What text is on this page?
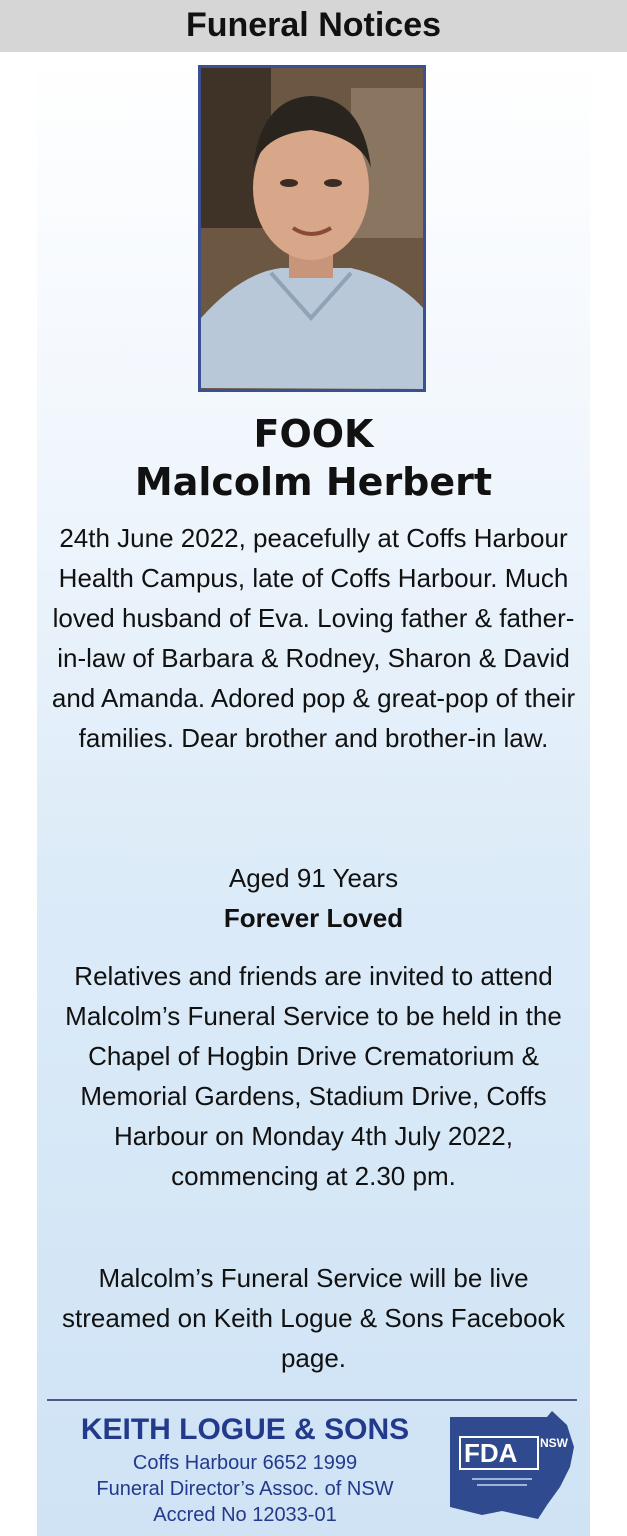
Funeral Notices
FOOK
Malcolm Herbert
24th June 2022, peacefully at Coffs Harbour Health Campus, late of Coffs Harbour. Much loved husband of Eva. Loving father & father-in-law of Barbara & Rodney, Sharon & David and Amanda. Adored pop & great-pop of their families. Dear brother and brother-in law.
Aged 91 Years
Forever Loved
Relatives and friends are invited to attend Malcolm’s Funeral Service to be held in the Chapel of Hogbin Drive Crematorium & Memorial Gardens, Stadium Drive, Coffs Harbour on Monday 4th July 2022, commencing at 2.30 pm.
Malcolm’s Funeral Service will be live streamed on Keith Logue & Sons Facebook page.
KEITH LOGUE & SONS
Coffs Harbour 6652 1999
Funeral Director’s Assoc. of NSW
Accred No 12033-01
FDA NSW
